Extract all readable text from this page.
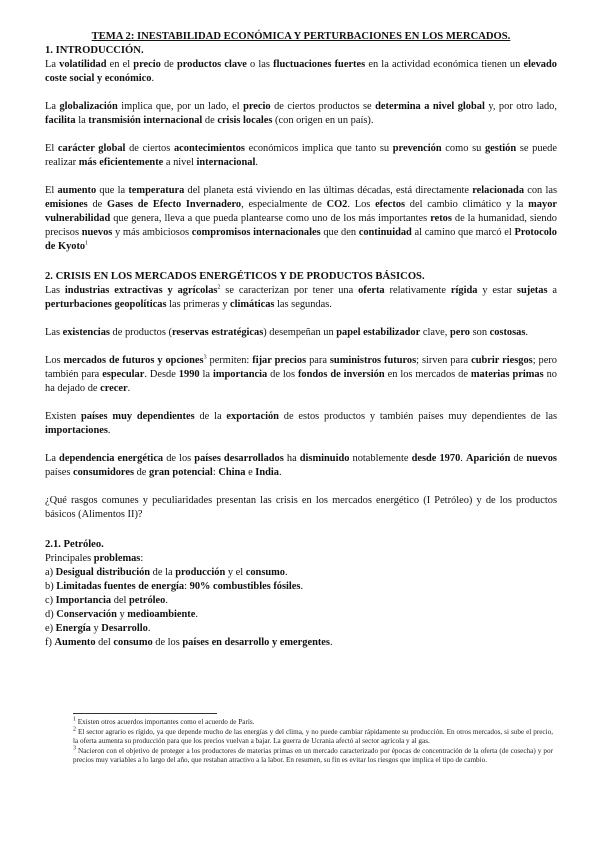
TEMA 2: INESTABILIDAD ECONÓMICA Y PERTURBACIONES EN LOS MERCADOS.

1. INTRODUCCIÓN.

La volatilidad en el precio de productos clave o las fluctuaciones fuertes en la actividad económica tienen un elevado coste social y económico.

La globalización implica que, por un lado, el precio de ciertos productos se determina a nivel global y, por otro lado, facilita la transmisión internacional de crisis locales (con origen en un país).

El carácter global de ciertos acontecimientos económicos implica que tanto su prevención como su gestión se puede realizar más eficientemente a nivel internacional.

El aumento que la temperatura del planeta está viviendo en las últimas décadas, está directamente relacionada con las emisiones de Gases de Efecto Invernadero, especialmente de CO2. Los efectos del cambio climático y la mayor vulnerabilidad que genera, lleva a que pueda plantearse como uno de los más importantes retos de la humanidad, siendo precisos nuevos y más ambiciosos compromisos internacionales que den continuidad al camino que marcó el Protocolo de Kyoto$^1$

2. CRISIS EN LOS MERCADOS ENERGÉTICOS Y DE PRODUCTOS BÁSICOS.

Las industrias extractivas y agrícolas$^2$ se caracterizan por tener una oferta relativamente rígida y estar sujetas a perturbaciones geopolíticas las primeras y climáticas las segundas.

Las existencias de productos (reservas estratégicas) desempeñan un papel estabilizador clave, pero son costosas.

Los mercados de futuros y opciones$^3$ permiten: fijar precios para suministros futuros; sirven para cubrir riesgos; pero también para especular. Desde 1990 la importancia de los fondos de inversión en los mercados de materias primas no ha dejado de crecer.

Existen países muy dependientes de la exportación de estos productos y también países muy dependientes de las importaciones.

La dependencia energética de los países desarrollados ha disminuido notablemente desde 1970. Aparición de nuevos países consumidores de gran potencial: China e India.

¿Qué rasgos comunes y peculiaridades presentan las crisis en los mercados energético (I Petróleo) y de los productos básicos (Alimentos II)?

2.1. Petróleo.

Principales problemas:

a) Desigual distribución de la producción y el consumo.
b) Limitadas fuentes de energía: 90% combustibles fósiles.
c) Importancia del petróleo.
d) Conservación y medioambiente.
e) Energía y Desarrollo.
f) Aumento del consumo de los países en desarrollo y emergentes.

$^1$ Existen otros acuerdos importantes como el acuerdo de París.

$^2$ El sector agrario es rígido, ya que depende mucho de las energías y del clima, y no puede cambiar rápidamente su producción. En otros mercados, si sube el precio, la oferta aumenta su producción para que los precios vuelvan a bajar. La guerra de Ucrania afectó al sector agrícola y al gas.

$^3$ Nacieron con el objetivo de proteger a los productores de materias primas en un mercado caracterizado por épocas de concentración de la oferta (de cosecha) y por precios muy variables a lo largo del año, que restaban atractivo a la labor. En resumen, su fin es evitar los riesgos que implica el tipo de cambio.
